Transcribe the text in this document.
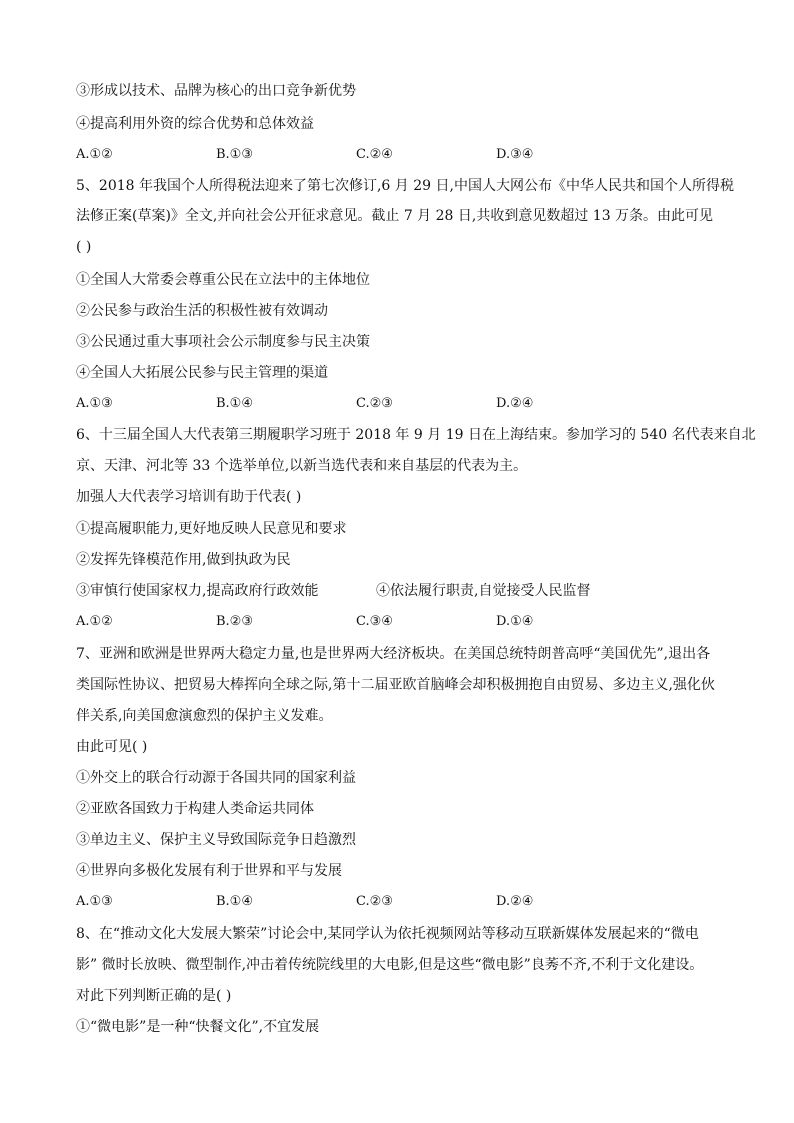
③形成以技术、品牌为核心的出口竞争新优势
④提高利用外资的综合优势和总体效益
A.①②	B.①③	C.②④	D.③④
5、2018 年我国个人所得税法迎来了第七次修订,6 月 29 日,中国人大网公布《中华人民共和国个人所得税
法修正案(草案)》全文,并向社会公开征求意见。截止 7 月 28 日,共收到意见数超过 13 万条。由此可见
( )
①全国人大常委会尊重公民在立法中的主体地位
②公民参与政治生活的积极性被有效调动
③公民通过重大事项社会公示制度参与民主决策
④全国人大拓展公民参与民主管理的渠道
A.①③	B.①④	C.②③	D.②④
6、十三届全国人大代表第三期履职学习班于 2018 年 9 月 19 日在上海结束。参加学习的 540 名代表来自北
京、天津、河北等 33 个选举单位,以新当选代表和来自基层的代表为主。
加强人大代表学习培训有助于代表( )
①提高履职能力,更好地反映人民意见和要求
②发挥先锋模范作用,做到执政为民
③审慎行使国家权力,提高政府行政效能	④依法履行职责,自觉接受人民监督
A.①②	B.②③	C.③④	D.①④
7、亚洲和欧洲是世界两大稳定力量,也是世界两大经济板块。在美国总统特朗普高呼“美国优先”,退出各
类国际性协议、把贸易大棒挥向全球之际,第十二届亚欧首脑峰会却积极拥抱自由贸易、多边主义,强化伙
伴关系,向美国愈演愈烈的保护主义发难。
由此可见( )
①外交上的联合行动源于各国共同的国家利益
②亚欧各国致力于构建人类命运共同体
③单边主义、保护主义导致国际竞争日趋激烈
④世界向多极化发展有利于世界和平与发展
A.①③	B.①④	C.②③	D.②④
8、在“推动文化大发展大繁荣”讨论会中,某同学认为依托视频网站等移动互联新媒体发展起来的“微电
影” 微时长放映、微型制作,冲击着传统院线里的大电影,但是这些“微电影”良莠不齐,不利于文化建设。
对此下列判断正确的是( )
①“微电影”是一种“快餐文化”,不宜发展
